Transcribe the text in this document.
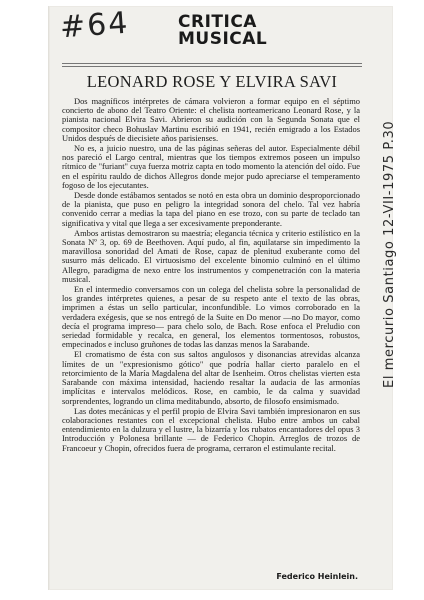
#64	CRITICA
MUSICAL
LEONARD ROSE Y ELVIRA SAVI

Dos magníficos intérpretes de cámara volvieron a formar equipo en el séptimo concierto de abono del Teatro Oriente: el chelista norteamericano Leonard Rose, y la pianista nacional Elvira Savi. Abrieron su audición con la Segunda Sonata que el compositor checo Bohuslav Martinu escribió en 1941, recién emigrado a los Estados Unidos después de diecisiete años parisienses.

No es, a juicio nuestro, una de las páginas señeras del autor. Especialmente débil nos pareció el Largo central, mientras que los tiempos extremos poseen un impulso rítmico de "furiant" cuya fuerza motriz capta en todo momento la atención del oído. Fue en el espíritu rauldo de dichos Allegros donde mejor pudo apreciarse el temperamento fogoso de los ejecutantes.

Desde donde estábamos sentados se notó en esta obra un dominio desproporcionado de la pianista, que puso en peligro la integridad sonora del chelo. Tal vez habría convenido cerrar a medias la tapa del piano en ese trozo, con su parte de teclado tan significativa y vital que llega a ser excesivamente preponderante.

Ambos artistas demostraron su maestría; elegancia técnica y criterio estilístico en la Sonata Nº 3, op. 69 de Beethoven. Aquí pudo, al fin, aquilatarse sin impedimento la maravillosa sonoridad del Amati de Rose, capaz de plenitud exuberante como del susurro más delicado. El virtuosismo del excelente binomio culminó en el último Allegro, paradigma de nexo entre los instrumentos y compenetración con la materia musical.

En el intermedio conversamos con un colega del chelista sobre la personalidad de los grandes intérpretes quienes, a pesar de su respeto ante el texto de las obras, imprimen a éstas un sello particular, inconfundible. Lo vimos corroborado en la verdadera exégesis, que se nos entregó de la Suite en Do menor —no Do mayor, como decía el programa impreso— para chelo solo, de Bach. Rose enfoca el Preludio con seriedad formidable y recalca, en general, los elementos tormentosos, robustos, empecinados e incluso gruñones de todas las danzas menos la Sarabande.

El cromatismo de ésta con sus saltos angulosos y disonancias atrevidas alcanza límites de un "expresionismo gótico" que podría hallar cierto paralelo en el retorcimiento de la María Magdalena del altar de Isenheim. Otros chelistas vierten esta Sarabande con máxima intensidad, haciendo resaltar la audacia de las armonías implícitas e intervalos melódicos. Rose, en cambio, le da calma y suavidad sorprendentes, logrando un clima meditabundo, absorto, de filosofo ensimismado.

Las dotes mecánicas y el perfil propio de Elvira Savi también impresionaron en sus colaboraciones restantes con el excepcional chelista. Hubo entre ambos un cabal entendimiento en la dulzura y el lustre, la bizarría y los rubatos encantadores del opus 3 Introducción y Polonesa brillante — de Federico Chopin. Arreglos de trozos de Francoeur y Chopin, ofrecidos fuera de programa, cerraron el estimulante recital.

Federico Heinlein.
El mercurio Santiago 12-VII-1975 P.30
